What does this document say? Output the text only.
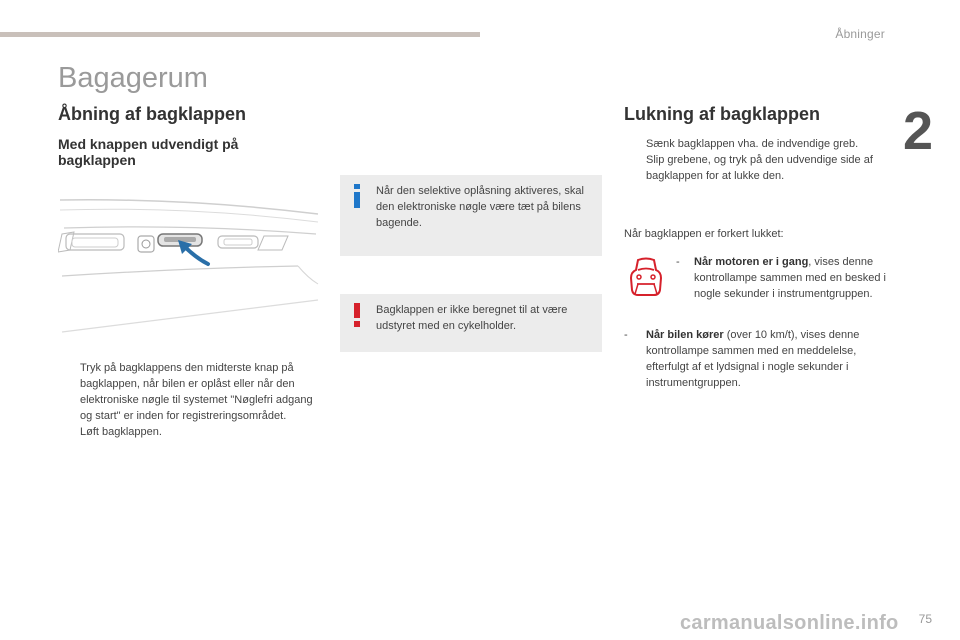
Åbninger
2
Bagagerum
Åbning af bagklappen
Med knappen udvendigt på bagklappen
Tryk på bagklappens den midterste knap på bagklappen, når bilen er oplåst eller når den elektroniske nøgle til systemet "Nøglefri adgang og start" er inden for registreringsområdet.
Løft bagklappen.
Når den selektive oplåsning aktiveres, skal den elektroniske nøgle være tæt på bilens bagende.
Bagklappen er ikke beregnet til at være udstyret med en cykelholder.
Lukning af bagklappen
Sænk bagklappen vha. de indvendige greb.
Slip grebene, og tryk på den udvendige side af bagklappen for at lukke den.
Når bagklappen er forkert lukket:
- Når motoren er i gang, vises denne kontrollampe sammen med en besked i nogle sekunder i instrumentgruppen.
- Når bilen kører (over 10 km/t), vises denne kontrollampe sammen med en meddelelse, efterfulgt af et lydsignal i nogle sekunder i instrumentgruppen.
75
carmanualsonline.info
